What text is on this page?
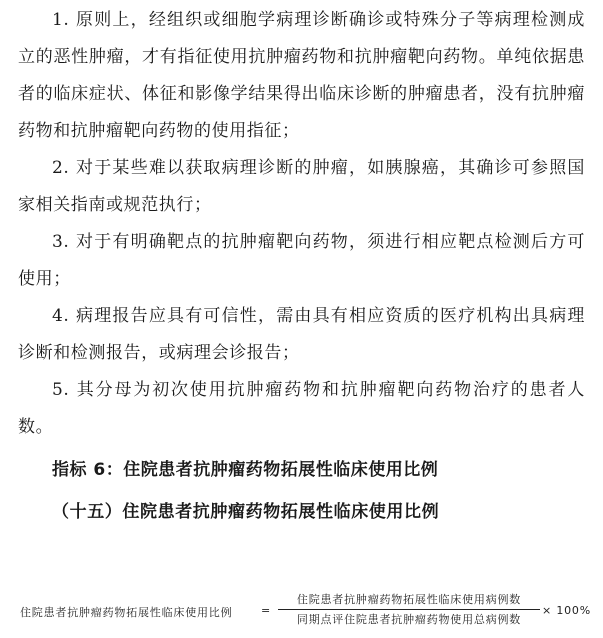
1. 原则上，经组织或细胞学病理诊断确诊或特殊分子等病理检测成立的恶性肿瘤，才有指征使用抗肿瘤药物和抗肿瘤靶向药物。单纯依据患者的临床症状、体征和影像学结果得出临床诊断的肿瘤患者，没有抗肿瘤药物和抗肿瘤靶向药物的使用指征；

2. 对于某些难以获取病理诊断的肿瘤，如胰腺癌，其确诊可参照国家相关指南或规范执行；

3. 对于有明确靶点的抗肿瘤靶向药物，须进行相应靶点检测后方可使用；

4. 病理报告应具有可信性，需由具有相应资质的医疗机构出具病理诊断和检测报告，或病理会诊报告；

5. 其分母为初次使用抗肿瘤药物和抗肿瘤靶向药物治疗的患者人数。

指标 6：住院患者抗肿瘤药物拓展性临床使用比例
（十五）住院患者抗肿瘤药物拓展性临床使用比例
住院患者抗肿瘤药物拓展性临床使用比例	=
住院患者抗肿瘤药物拓展性临床使用病例数
同期点评住院患者抗肿瘤药物使用总病例数
× 100%
